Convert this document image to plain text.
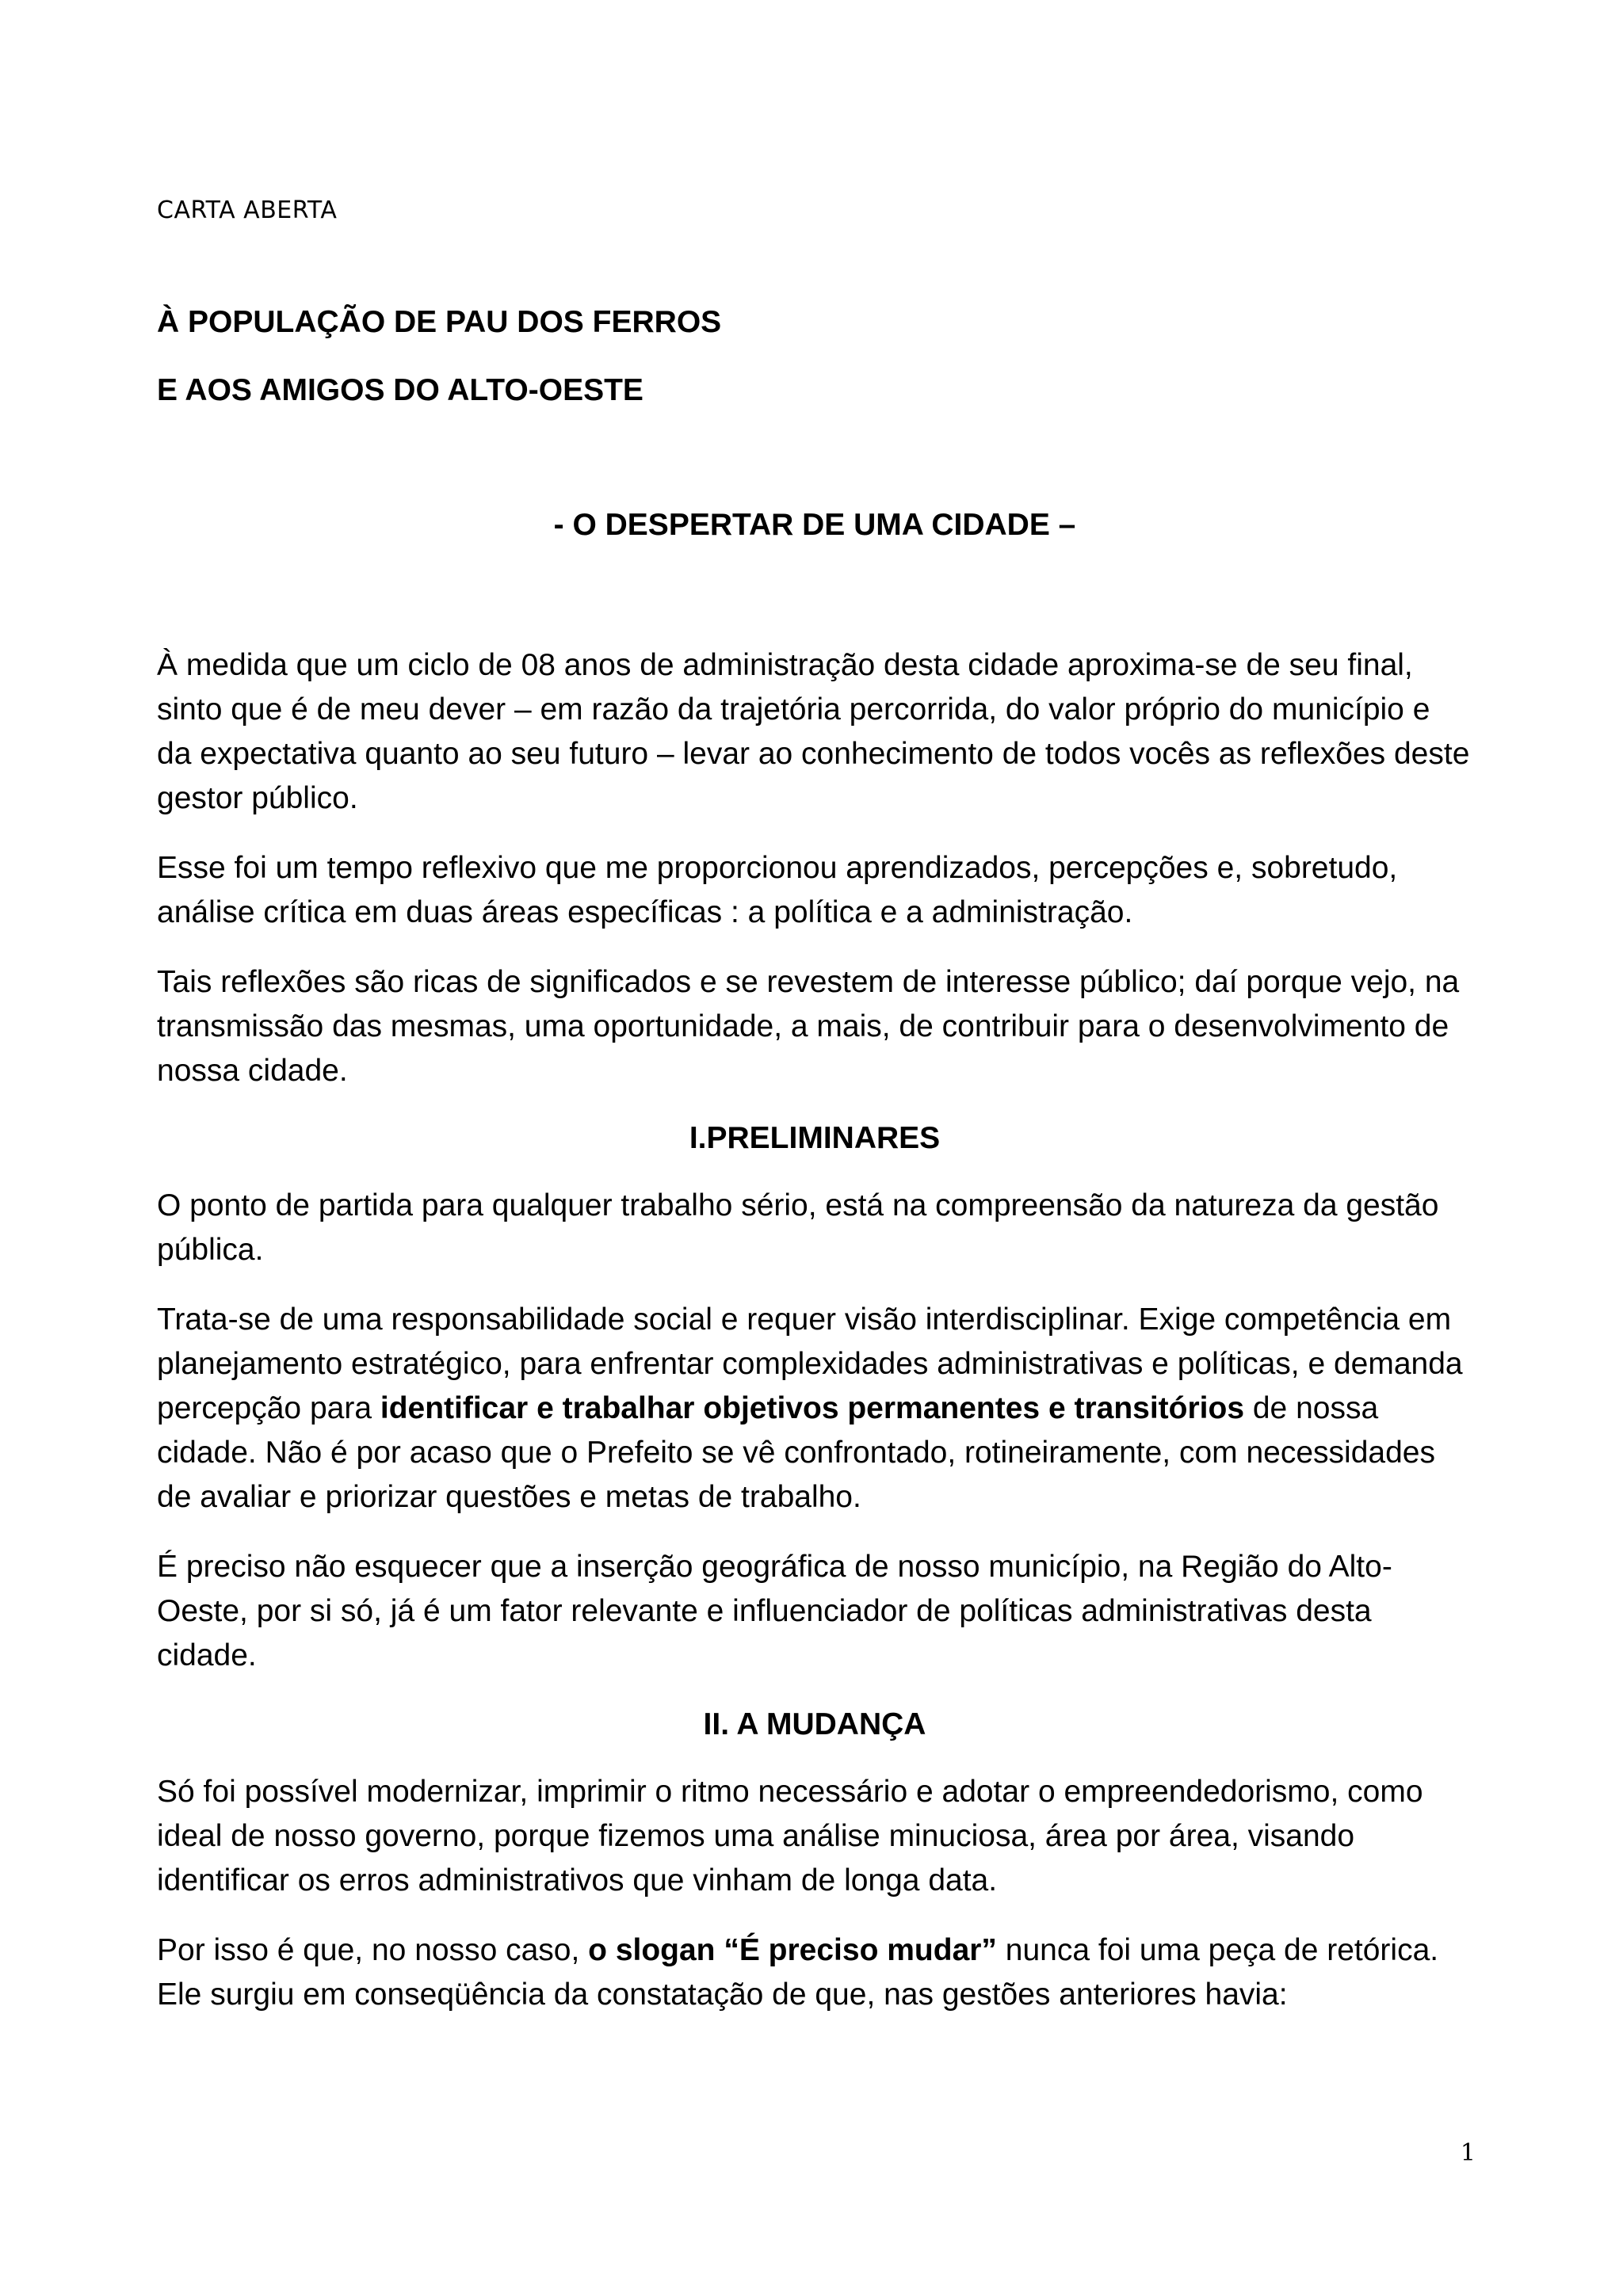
CARTA ABERTA

À POPULAÇÃO DE PAU DOS FERROS

E AOS AMIGOS DO ALTO-OESTE

- O DESPERTAR DE UMA CIDADE –

À medida que um ciclo de 08 anos de administração desta cidade aproxima-se de seu final, sinto que é de meu dever – em razão da trajetória percorrida, do valor próprio do município e da expectativa quanto ao seu futuro – levar ao conhecimento de todos vocês as reflexões deste gestor público.

Esse foi um tempo reflexivo que me proporcionou aprendizados, percepções e, sobretudo, análise crítica em duas áreas específicas : a política e a administração.

Tais reflexões são ricas de significados e se revestem de interesse público; daí porque vejo, na transmissão das mesmas, uma oportunidade, a mais, de contribuir para o desenvolvimento de nossa cidade.

I.PRELIMINARES

O ponto de partida para qualquer trabalho sério, está na compreensão da natureza da gestão pública.

Trata-se de uma responsabilidade social e requer visão interdisciplinar. Exige competência em planejamento estratégico, para enfrentar complexidades administrativas e políticas, e demanda percepção para identificar e trabalhar objetivos permanentes e transitórios de nossa cidade. Não é por acaso que o Prefeito se vê confrontado, rotineiramente, com necessidades de avaliar e priorizar questões e metas de trabalho.

É preciso não esquecer que a inserção geográfica de nosso município, na Região do Alto-Oeste, por si só, já é um fator relevante e influenciador de políticas administrativas desta cidade.

II. A MUDANÇA

Só foi possível modernizar, imprimir o ritmo necessário e adotar o empreendedorismo, como ideal de nosso governo, porque fizemos uma análise minuciosa, área por área, visando identificar os erros administrativos que vinham de longa data.

Por isso é que, no nosso caso, o slogan “É preciso mudar” nunca foi uma peça de retórica. Ele surgiu em conseqüência da constatação de que, nas gestões anteriores havia:

1
